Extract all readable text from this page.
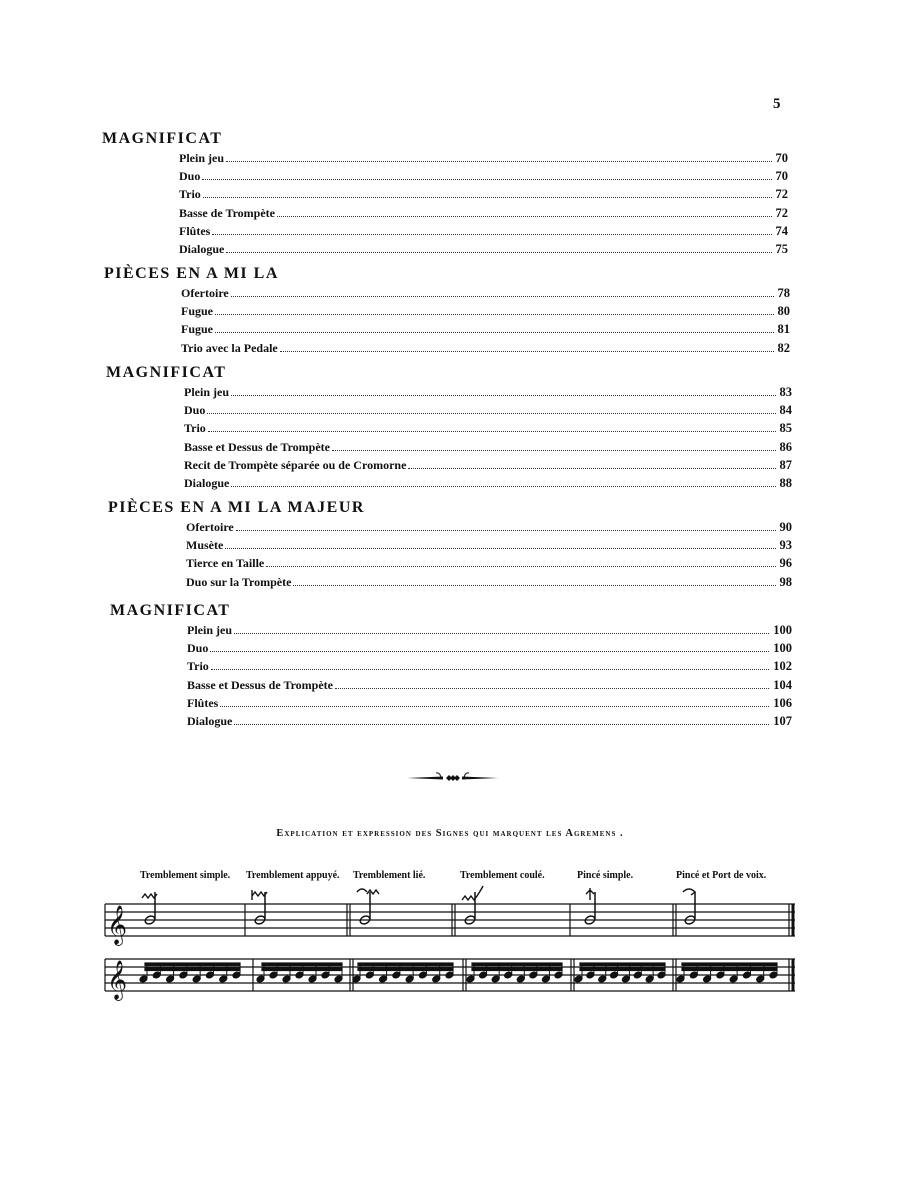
5
MAGNIFICAT
Plein jeu	70
Duo	70
Trio	72
Basse de Trompète	72
Flûtes	74
Dialogue	75
PIÈCES EN A MI LA
Ofertoire	78
Fugue	80
Fugue	81
Trio avec la Pedale	82
MAGNIFICAT
Plein jeu	83
Duo	84
Trio	85
Basse et Dessus de Trompète	86
Recit de Trompète séparée ou de Cromorne	87
Dialogue	88
PIÈCES EN A MI LA MAJEUR
Ofertoire	90
Musète	93
Tierce en Taille	96
Duo sur la Trompète	98
MAGNIFICAT
Plein jeu	100
Duo	100
Trio	102
Basse et Dessus de Trompète	104
Flûtes	106
Dialogue	107
Explication et expression des Signes qui marquent les Agremens .
Tremblement simple. Tremblement appuyé. Tremblement lié.	Tremblement coulé.	Pincé simple.	Pincé et Port de voix.
𝄞
𝄞
